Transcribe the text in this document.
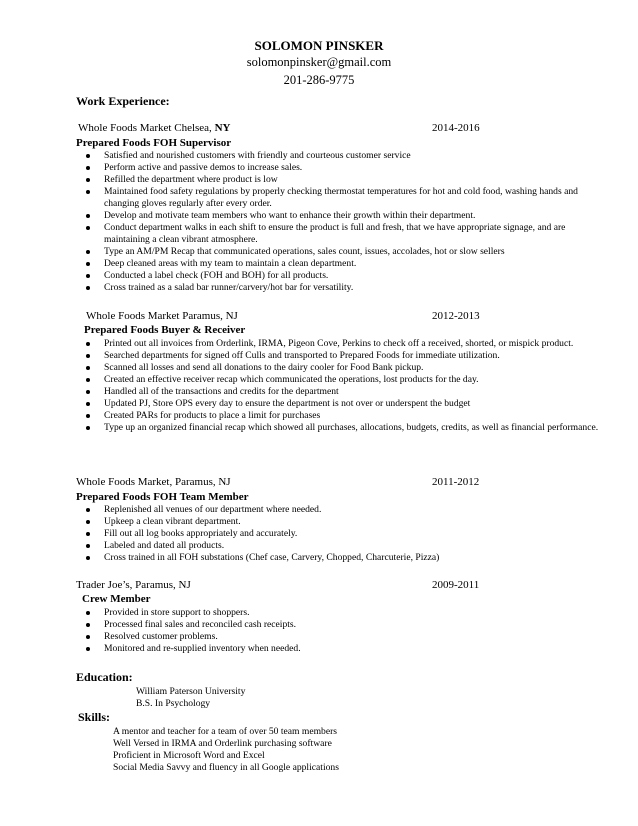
SOLOMON PINSKER
solomonpinsker@gmail.com
201-286-9775
Work Experience:
Whole Foods Market Chelsea, NY	2014-2016
Prepared Foods FOH Supervisor
Satisfied and nourished customers with friendly and courteous customer service
Perform active and passive demos to increase sales.
Refilled the department where product is low
Maintained food safety regulations by properly checking thermostat temperatures for hot and cold food, washing hands and changing gloves regularly after every order.
Develop and motivate team members who want to enhance their growth within their department.
Conduct department walks in each shift to ensure the product is full and fresh, that we have appropriate signage, and are maintaining a clean vibrant atmosphere.
Type an AM/PM Recap that communicated operations, sales count, issues, accolades, hot or slow sellers
Deep cleaned areas with my team to maintain a clean department.
Conducted a label check (FOH and BOH) for all products.
Cross trained as a salad bar runner/carvery/hot bar for versatility.
Whole Foods Market Paramus, NJ	2012-2013
Prepared Foods Buyer & Receiver
Printed out all invoices from Orderlink, IRMA, Pigeon Cove, Perkins to check off a received, shorted, or mispick product.
Searched departments for signed off Culls and transported to Prepared Foods for immediate utilization.
Scanned all losses and send all donations to the dairy cooler for Food Bank pickup.
Created an effective receiver recap which communicated the operations, lost products for the day.
Handled all of the transactions and credits for the department
Updated PJ, Store OPS every day to ensure the department is not over or underspent the budget
Created PARs for products to place a limit for purchases
Type up an organized financial recap which showed all purchases, allocations, budgets, credits, as well as financial performance.
Whole Foods Market, Paramus, NJ	2011-2012
Prepared Foods FOH Team Member
Replenished all venues of our department where needed.
Upkeep a clean vibrant department.
Fill out all log books appropriately and accurately.
Labeled and dated all products.
Cross trained in all FOH substations (Chef case, Carvery, Chopped, Charcuterie, Pizza)
Trader Joe’s, Paramus, NJ	2009-2011
Crew Member
Provided in store support to shoppers.
Processed final sales and reconciled cash receipts.
Resolved customer problems.
Monitored and re-supplied inventory when needed.
Education:
William Paterson University
B.S. In Psychology
Skills:
A mentor and teacher for a team of over 50 team members
Well Versed in IRMA and Orderlink purchasing software
Proficient in Microsoft Word and Excel
Social Media Savvy and fluency in all Google applications
